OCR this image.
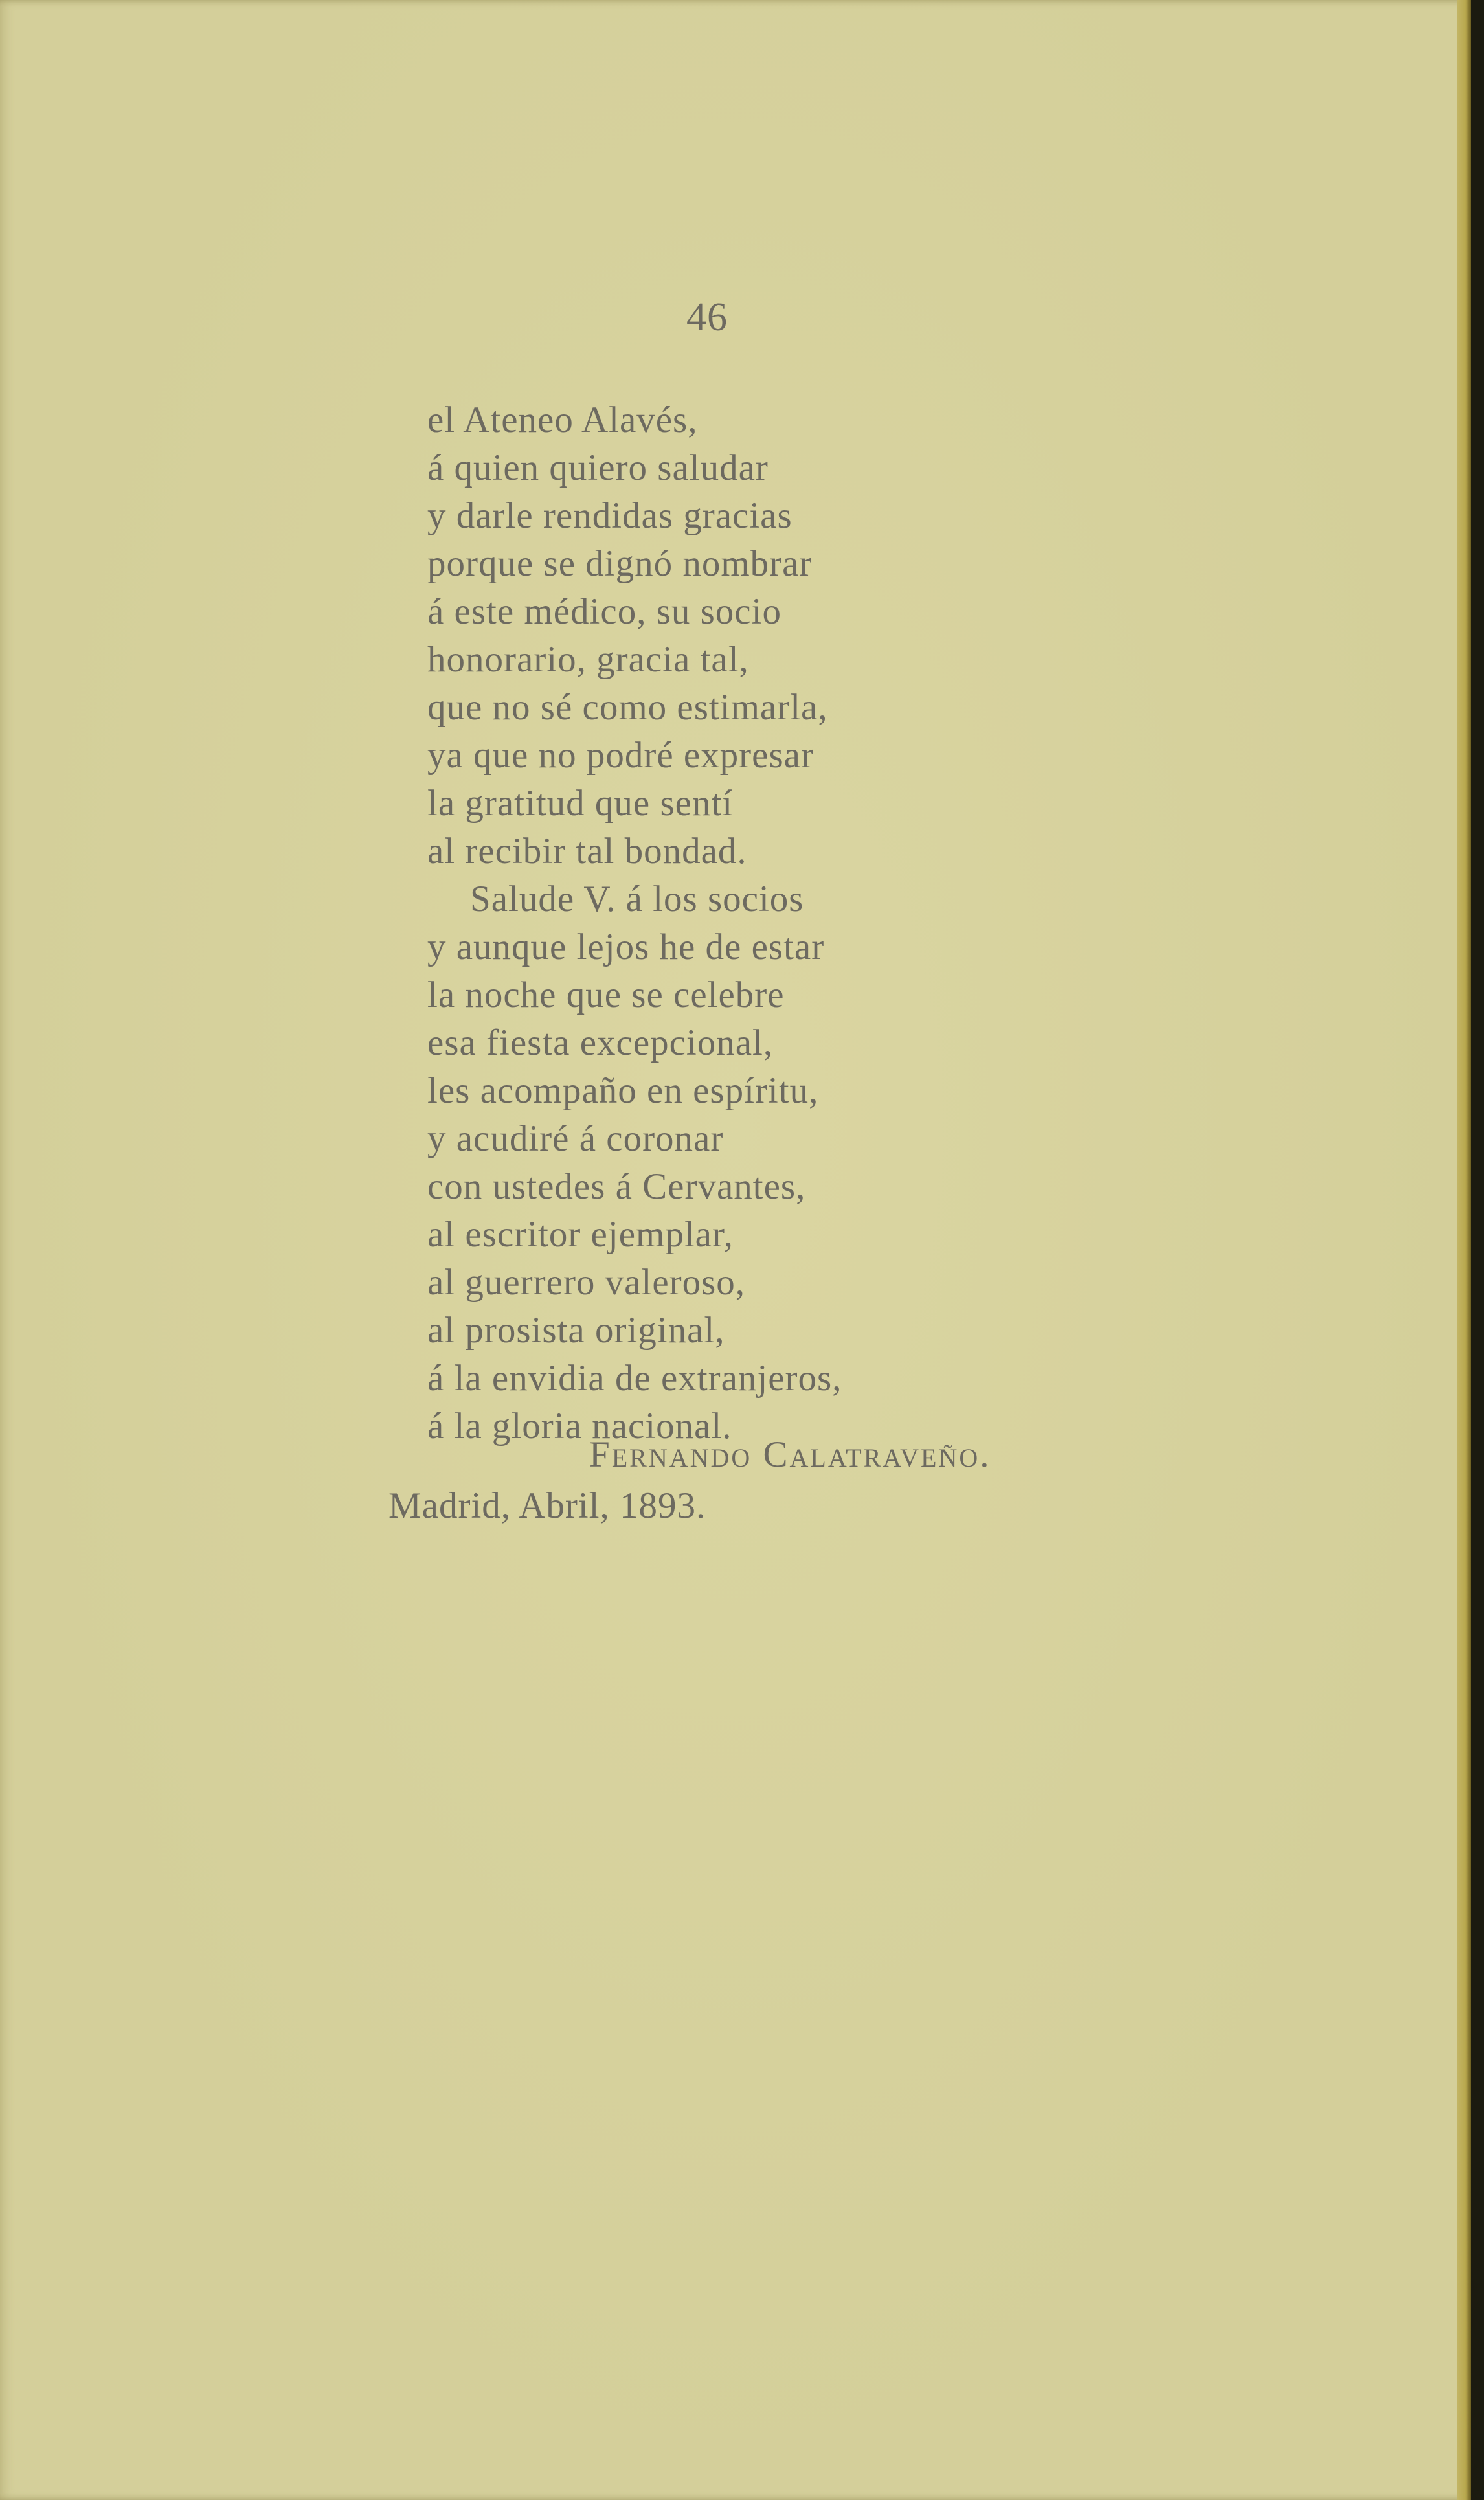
46
el Ateneo Alavés,
á quien quiero saludar
y darle rendidas gracias
porque se dignó nombrar
á este médico, su socio
honorario, gracia tal,
que no sé como estimarla,
ya que no podré expresar
la gratitud que sentí
al recibir tal bondad.
Salude V. á los socios
y aunque lejos he de estar
la noche que se celebre
esa fiesta excepcional,
les acompaño en espíritu,
y acudiré á coronar
con ustedes á Cervantes,
al escritor ejemplar,
al guerrero valeroso,
al prosista original,
á la envidia de extranjeros,
á la gloria nacional.
Fernando Calatraveño.
Madrid, Abril, 1893.
